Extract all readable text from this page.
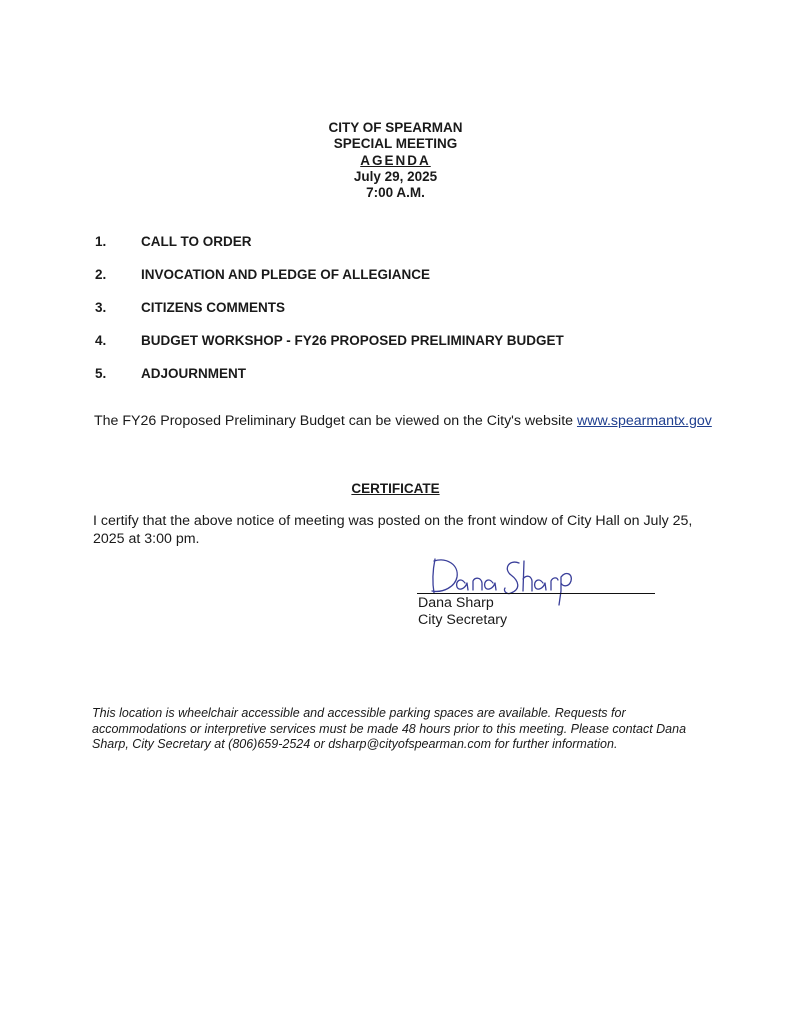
CITY OF SPEARMAN
SPECIAL MEETING
AGENDA
July 29, 2025
7:00 A.M.
1.	CALL TO ORDER
2.	INVOCATION AND PLEDGE OF ALLEGIANCE
3.	CITIZENS COMMENTS
4.	BUDGET WORKSHOP - FY26 PROPOSED PRELIMINARY BUDGET
5.	ADJOURNMENT
The FY26 Proposed Preliminary Budget can be viewed on the City's website www.spearmantx.gov
CERTIFICATE
I certify that the above notice of meeting was posted on the front window of City Hall on July 25, 2025 at 3:00 pm.
Dana Sharp
City Secretary
This location is wheelchair accessible and accessible parking spaces are available. Requests for accommodations or interpretive services must be made 48 hours prior to this meeting. Please contact Dana Sharp, City Secretary at (806)659-2524 or dsharp@cityofspearman.com for further information.
